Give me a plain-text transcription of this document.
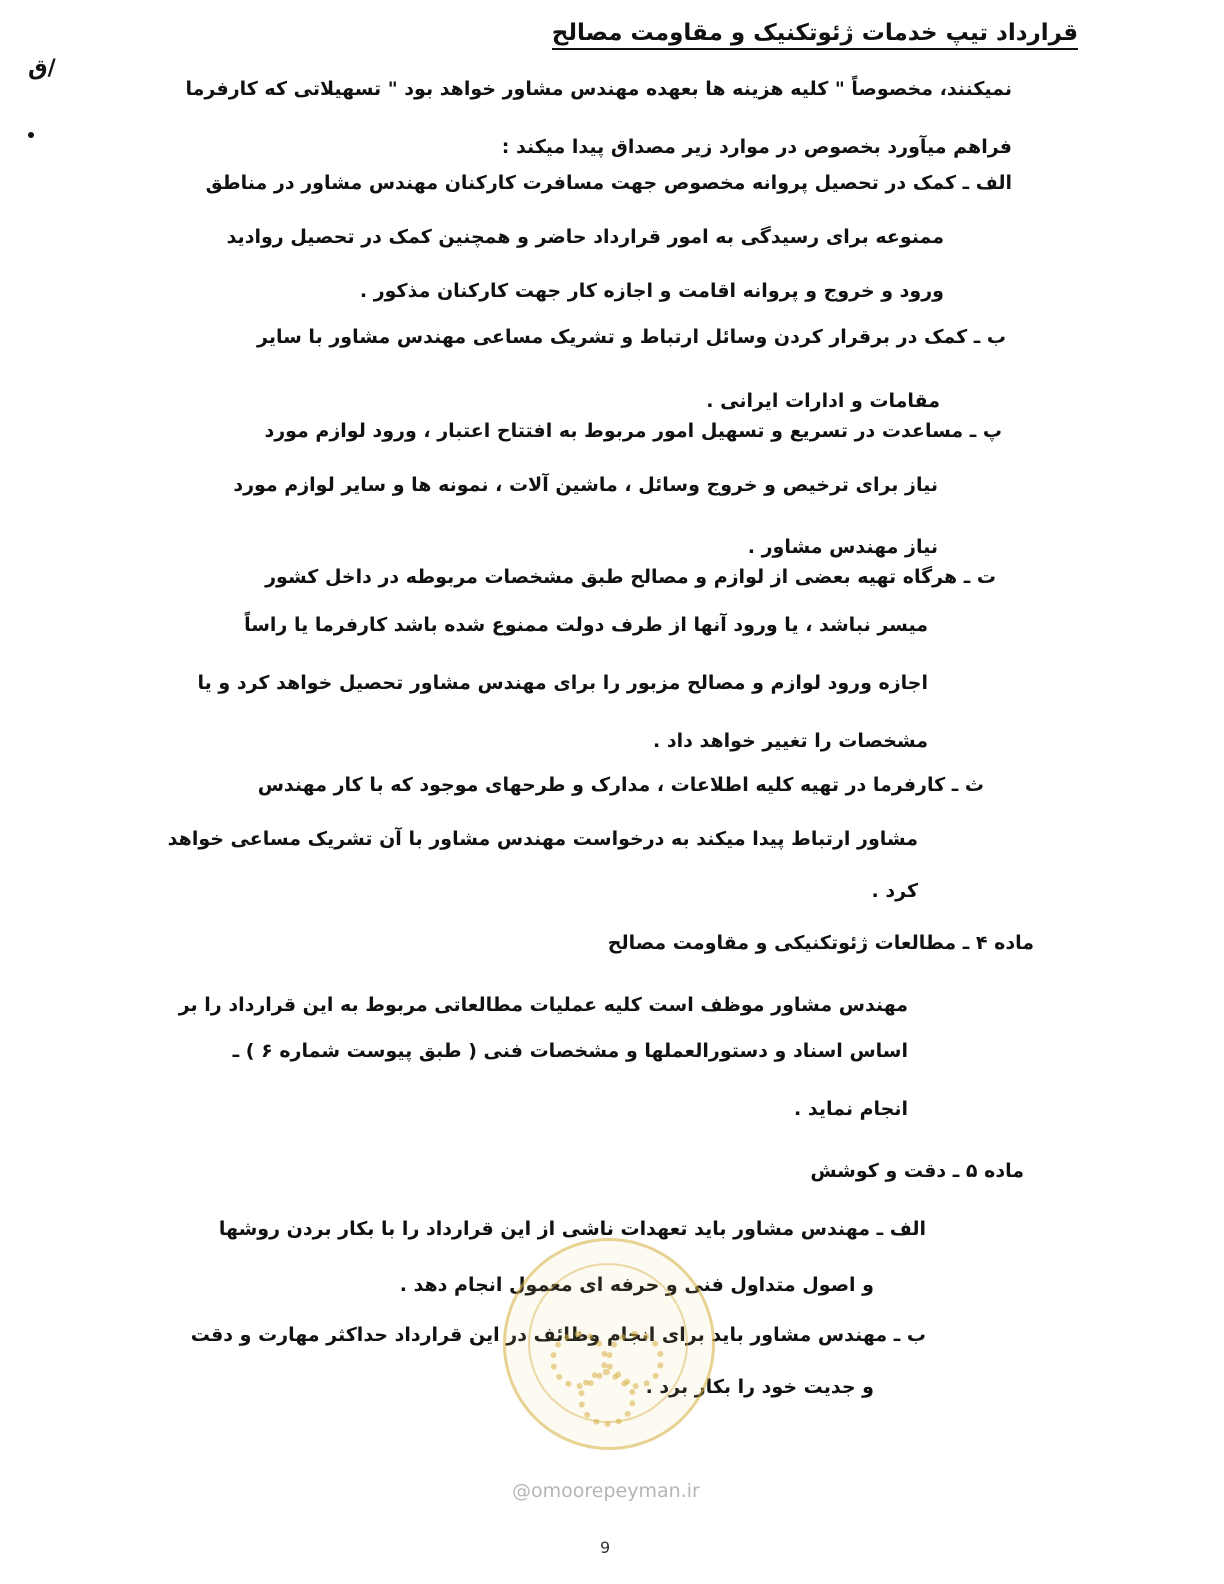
قرارداد تیپ خدمات ژئوتکنیک و مقاومت مصالح
ق/
نمیکنند، مخصوصاً " کلیه هزینه ها بعهده مهندس مشاور خواهد بود " تسهیلاتی که کارفرما
فراهم میآورد بخصوص در موارد زیر مصداق پیدا میکند :
الف ـ کمک در تحصیل پروانه مخصوص جهت مسافرت کارکنان مهندس مشاور در مناطق
ممنوعه برای رسیدگی به امور قرارداد حاضر و همچنین کمک در تحصیل روادید
ورود و خروج و پروانه اقامت و اجازه کار جهت کارکنان مذکور .
ب ـ کمک در برقرار کردن وسائل ارتباط و تشریک مساعی مهندس مشاور با سایر
مقامات و ادارات ایرانی .
پ ـ مساعدت در تسریع و تسهیل امور مربوط به افتتاح اعتبار ، ورود لوازم مورد
نیاز برای ترخیص و خروج وسائل ، ماشین آلات ، نمونه ها و سایر لوازم مورد
نیاز مهندس مشاور .
ت ـ هرگاه تهیه بعضی از لوازم و مصالح طبق مشخصات مربوطه در داخل کشور
میسر نباشد ، یا ورود آنها از طرف دولت ممنوع شده باشد کارفرما یا راساً
اجازه ورود لوازم و مصالح مزبور را برای مهندس مشاور تحصیل خواهد کرد و یا
مشخصات را تغییر خواهد داد .
ث ـ کارفرما در تهیه کلیه اطلاعات ، مدارک و طرحهای موجود که با کار مهندس
مشاور ارتباط پیدا میکند به درخواست مهندس مشاور با آن تشریک مساعی خواهد
کرد .
ماده ۴ ـ مطالعات ژئوتکنیکی و مقاومت مصالح
مهندس مشاور موظف است کلیه عملیات مطالعاتی مربوط به این قرارداد را بر
اساس اسناد و دستورالعملها و مشخصات فنی ( طبق پیوست شماره ۶ ) ـ
انجام نماید .
ماده ۵ ـ دقت و کوشش
الف ـ مهندس مشاور باید تعهدات ناشی از این قرارداد را با بکار بردن روشها
و اصول متداول فنی و حرفه ای معمول انجام دهد .
ب ـ مهندس مشاور باید برای انجام وظائف در این قرارداد حداکثر مهارت و دقت
و جدیت خود را بکار برد .
@omoorepeyman.ir
9
